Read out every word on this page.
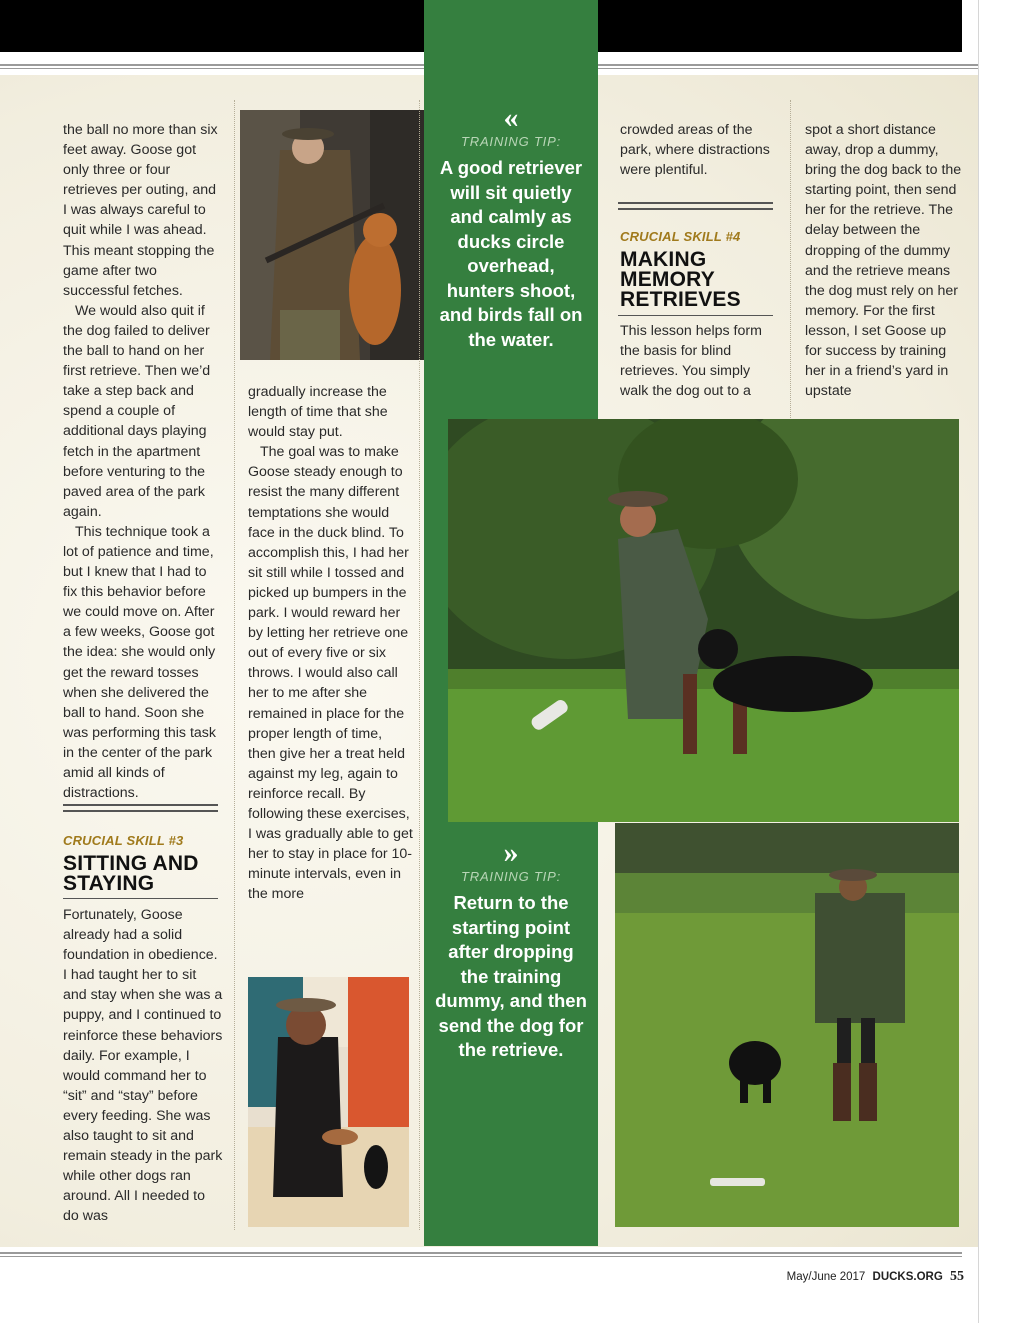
the ball no more than six feet away. Goose got only three or four retrieves per outing, and I was always careful to quit while I was ahead. This meant stopping the game after two successful fetches.

We would also quit if the dog failed to deliver the ball to hand on her first retrieve. Then we’d take a step back and spend a couple of additional days playing fetch in the apartment before venturing to the paved area of the park again.

This technique took a lot of patience and time, but I knew that I had to fix this behavior before we could move on. After a few weeks, Goose got the idea: she would only get the reward tosses when she delivered the ball to hand. Soon she was performing this task in the center of the park amid all kinds of distractions.

CRUCIAL SKILL #3
SITTING AND
STAYING

Fortunately, Goose already had a solid foundation in obedience. I had taught her to sit and stay when she was a puppy, and I continued to reinforce these behaviors daily. For example, I would command her to “sit” and “stay” before every feeding. She was also taught to sit and remain steady in the park while other dogs ran around. All I needed to do was

gradually increase the length of time that she would stay put.

The goal was to make Goose steady enough to resist the many different temptations she would face in the duck blind. To accomplish this, I had her sit still while I tossed and picked up bumpers in the park. I would reward her by letting her retrieve one out of every five or six throws. I would also call her to me after she remained in place for the proper length of time, then give her a treat held against my leg, again to reinforce recall. By following these exercises, I was gradually able to get her to stay in place for 10-minute intervals, even in the more

«
TRAINING TIP:
A good retriever will sit quietly and calmly as ducks circle overhead, hunters shoot, and birds fall on the water.
»
TRAINING TIP:
Return to the starting point after dropping the training dummy, and then send the dog for the retrieve.

crowded areas of the park, where distractions were plentiful.

CRUCIAL SKILL #4
MAKING
MEMORY
RETRIEVES

This lesson helps form the basis for blind retrieves. You simply walk the dog out to a

spot a short distance away, drop a dummy, bring the dog back to the starting point, then send her for the retrieve. The delay between the dropping of the dummy and the retrieve means the dog must rely on her memory. For the first lesson, I set Goose up for success by training her in a friend’s yard in upstate

May/June 2017 DUCKS.ORG 55
